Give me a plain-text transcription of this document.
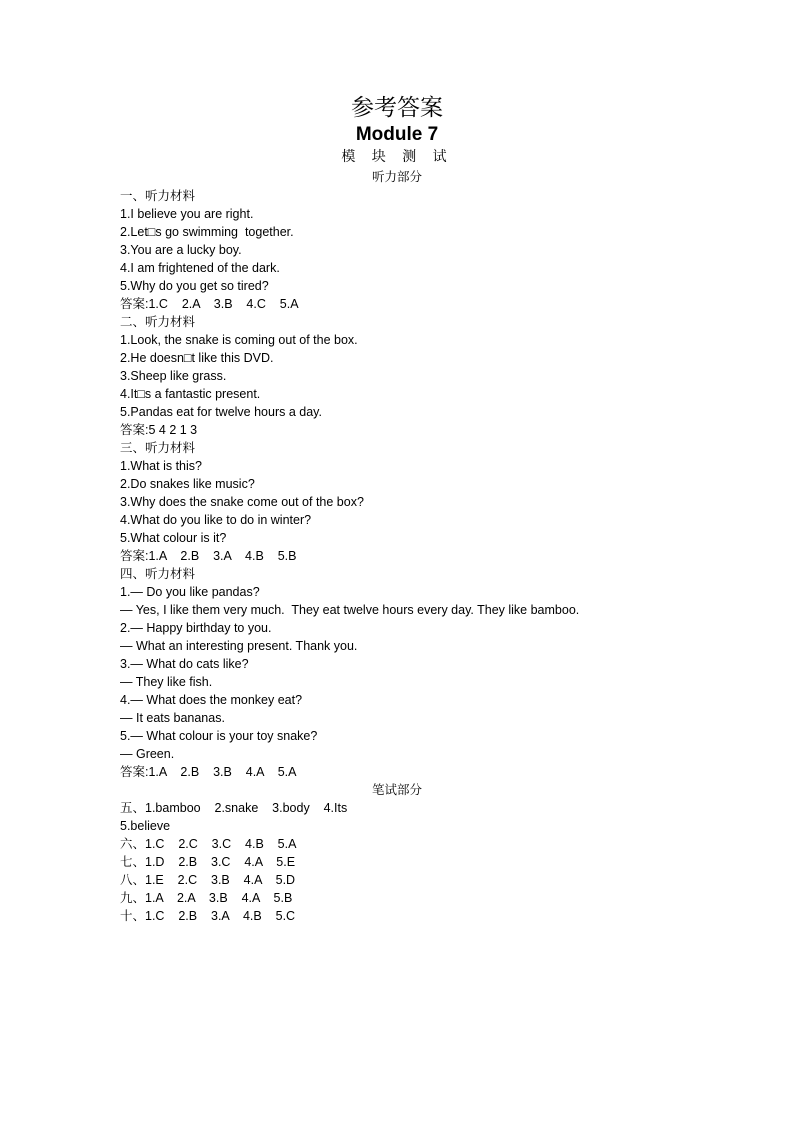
参考答案
Module 7
模 块 测 试
听力部分
一、听力材料
1.I believe you are right.
2.Let□s go swimming  together.
3.You are a lucky boy.
4.I am frightened of the dark.
5.Why do you get so tired?
答案:1.C    2.A    3.B    4.C    5.A
二、听力材料
1.Look, the snake is coming out of the box.
2.He doesn□t like this DVD.
3.Sheep like grass.
4.It□s a fantastic present.
5.Pandas eat for twelve hours a day.
答案:5 4 2 1 3
三、听力材料
1.What is this?
2.Do snakes like music?
3.Why does the snake come out of the box?
4.What do you like to do in winter?
5.What colour is it?
答案:1.A    2.B    3.A    4.B    5.B
四、听力材料
1.— Do you like pandas?
— Yes, I like them very much.  They eat twelve hours every day. They like bamboo.
2.— Happy birthday to you.
— What an interesting present. Thank you.
3.— What do cats like?
— They like fish.
4.— What does the monkey eat?
— It eats bananas.
5.— What colour is your toy snake?
— Green.
答案:1.A    2.B    3.B    4.A    5.A
笔试部分
五、1.bamboo    2.snake    3.body    4.Its
5.believe
六、1.C    2.C    3.C    4.B    5.A
七、1.D    2.B    3.C    4.A    5.E
八、1.E    2.C    3.B    4.A    5.D
九、1.A    2.A    3.B    4.A    5.B
十、1.C    2.B    3.A    4.B    5.C
